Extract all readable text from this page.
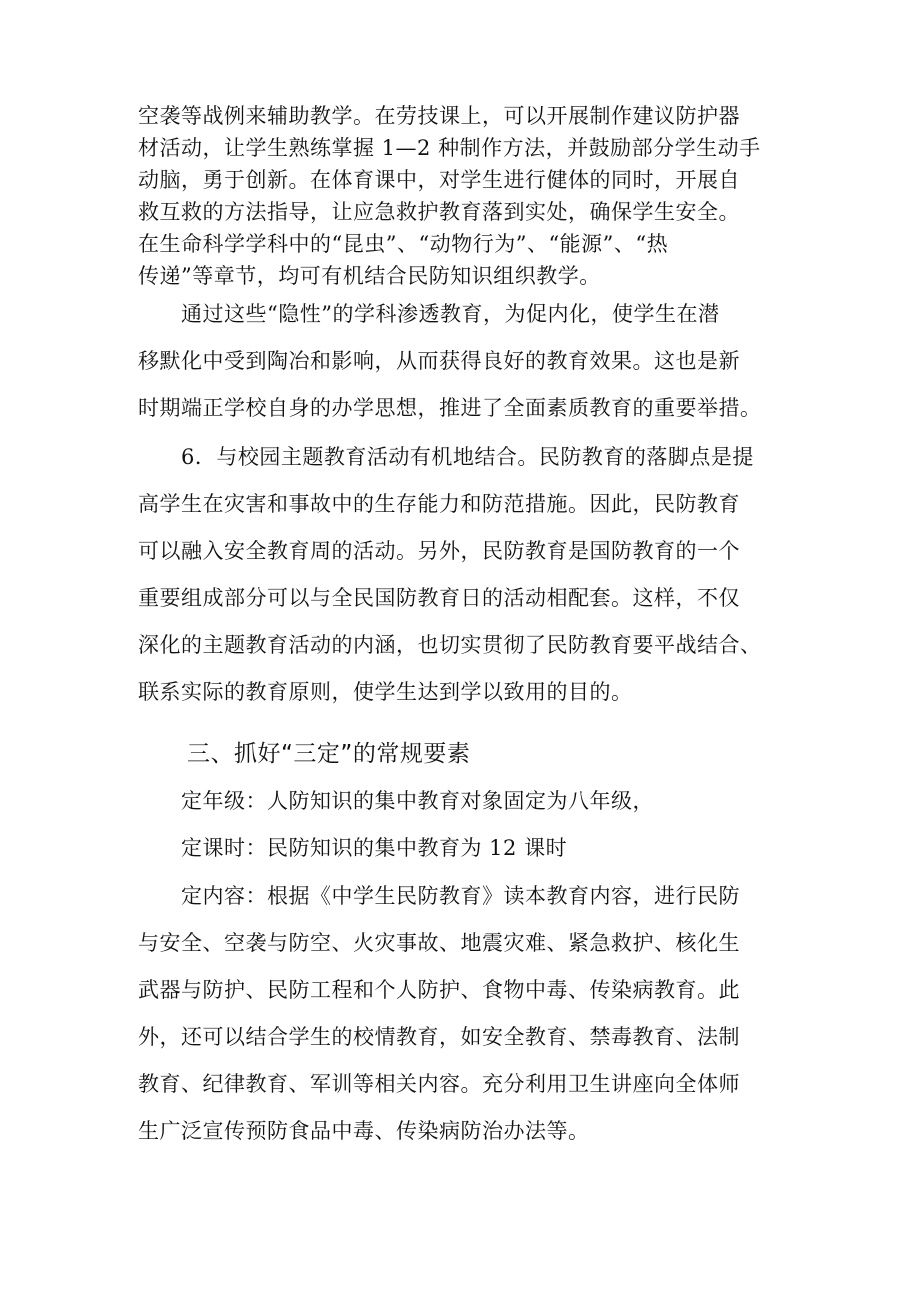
空袭等战例来辅助教学。在劳技课上，可以开展制作建议防护器
材活动，让学生熟练掌握 1—2 种制作方法，并鼓励部分学生动手
动脑，勇于创新。在体育课中，对学生进行健体的同时，开展自
救互救的方法指导，让应急救护教育落到实处，确保学生安全。
在生命科学学科中的“昆虫”、“动物行为”、“能源”、“热
传递”等章节，均可有机结合民防知识组织教学。

　　通过这些“隐性”的学科渗透教育，为促内化，使学生在潜
移默化中受到陶冶和影响，从而获得良好的教育效果。这也是新
时期端正学校自身的办学思想，推进了全面素质教育的重要举措。

　　6．与校园主题教育活动有机地结合。民防教育的落脚点是提
高学生在灾害和事故中的生存能力和防范措施。因此，民防教育
可以融入安全教育周的活动。另外，民防教育是国防教育的一个
重要组成部分可以与全民国防教育日的活动相配套。这样，不仅
深化的主题教育活动的内涵，也切实贯彻了民防教育要平战结合、
联系实际的教育原则，使学生达到学以致用的目的。

三、抓好“三定”的常规要素

　　定年级：人防知识的集中教育对象固定为八年级，

　　定课时：民防知识的集中教育为 12 课时

　　定内容：根据《中学生民防教育》读本教育内容，进行民防
与安全、空袭与防空、火灾事故、地震灾难、紧急救护、核化生
武器与防护、民防工程和个人防护、食物中毒、传染病教育。此
外，还可以结合学生的校情教育，如安全教育、禁毒教育、法制
教育、纪律教育、军训等相关内容。充分利用卫生讲座向全体师
生广泛宣传预防食品中毒、传染病防治办法等。
